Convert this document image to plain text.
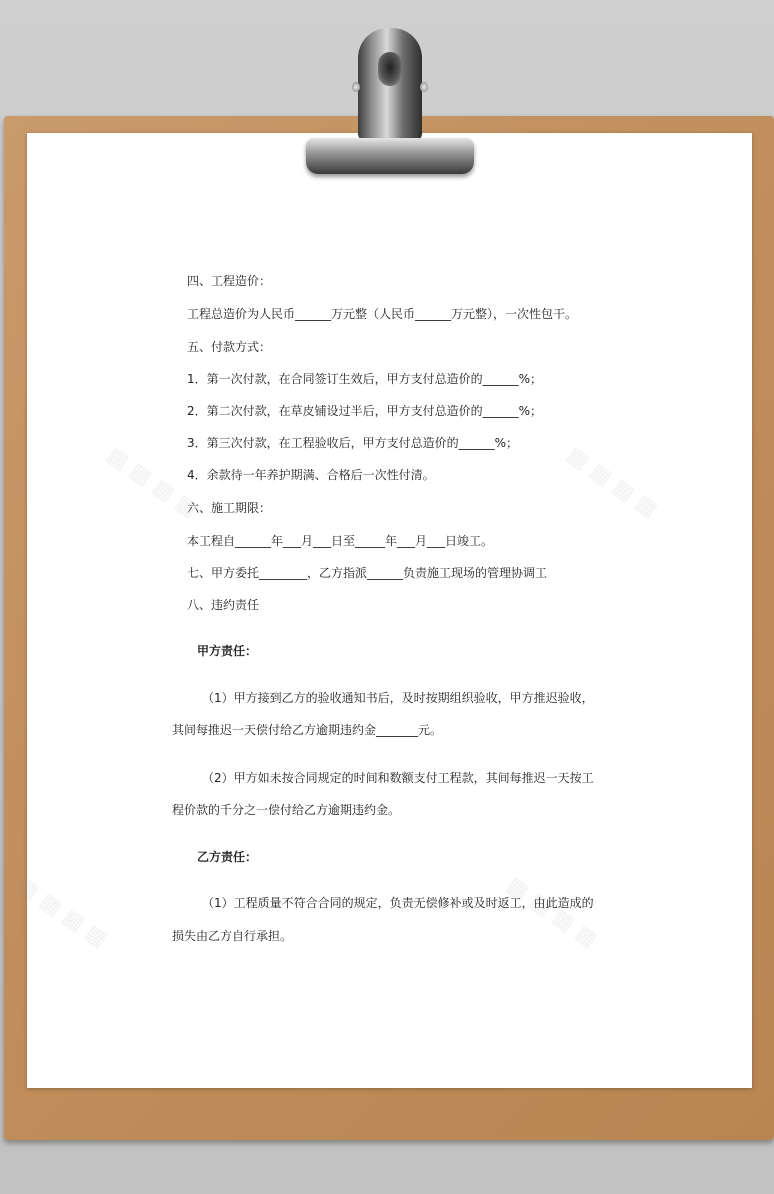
▦ ▦ ▦ ▦	▦ ▦ ▦ ▦
▦ ▦ ▦ ▦	▦ ▦ ▦ ▦

四、工程造价：

工程总造价为人民币______万元整（人民币______万元整），一次性包干。

五、付款方式：

1．第一次付款，在合同签订生效后，甲方支付总造价的______%；

2．第二次付款，在草皮铺设过半后，甲方支付总造价的______%；

3．第三次付款，在工程验收后，甲方支付总造价的______%；

4．余款待一年养护期满、合格后一次性付清。

六、施工期限：

本工程自______年___月___日至_____年___月___日竣工。

七、甲方委托________，乙方指派______负责施工现场的管理协调工

八、违约责任

甲方责任：

（1）甲方接到乙方的验收通知书后，及时按期组织验收，甲方推迟验收，

其间每推迟一天偿付给乙方逾期违约金_______元。

（2）甲方如未按合同规定的时间和数额支付工程款，其间每推迟一天按工

程价款的千分之一偿付给乙方逾期违约金。

乙方责任：

（1）工程质量不符合合同的规定，负责无偿修补或及时返工，由此造成的

损失由乙方自行承担。
